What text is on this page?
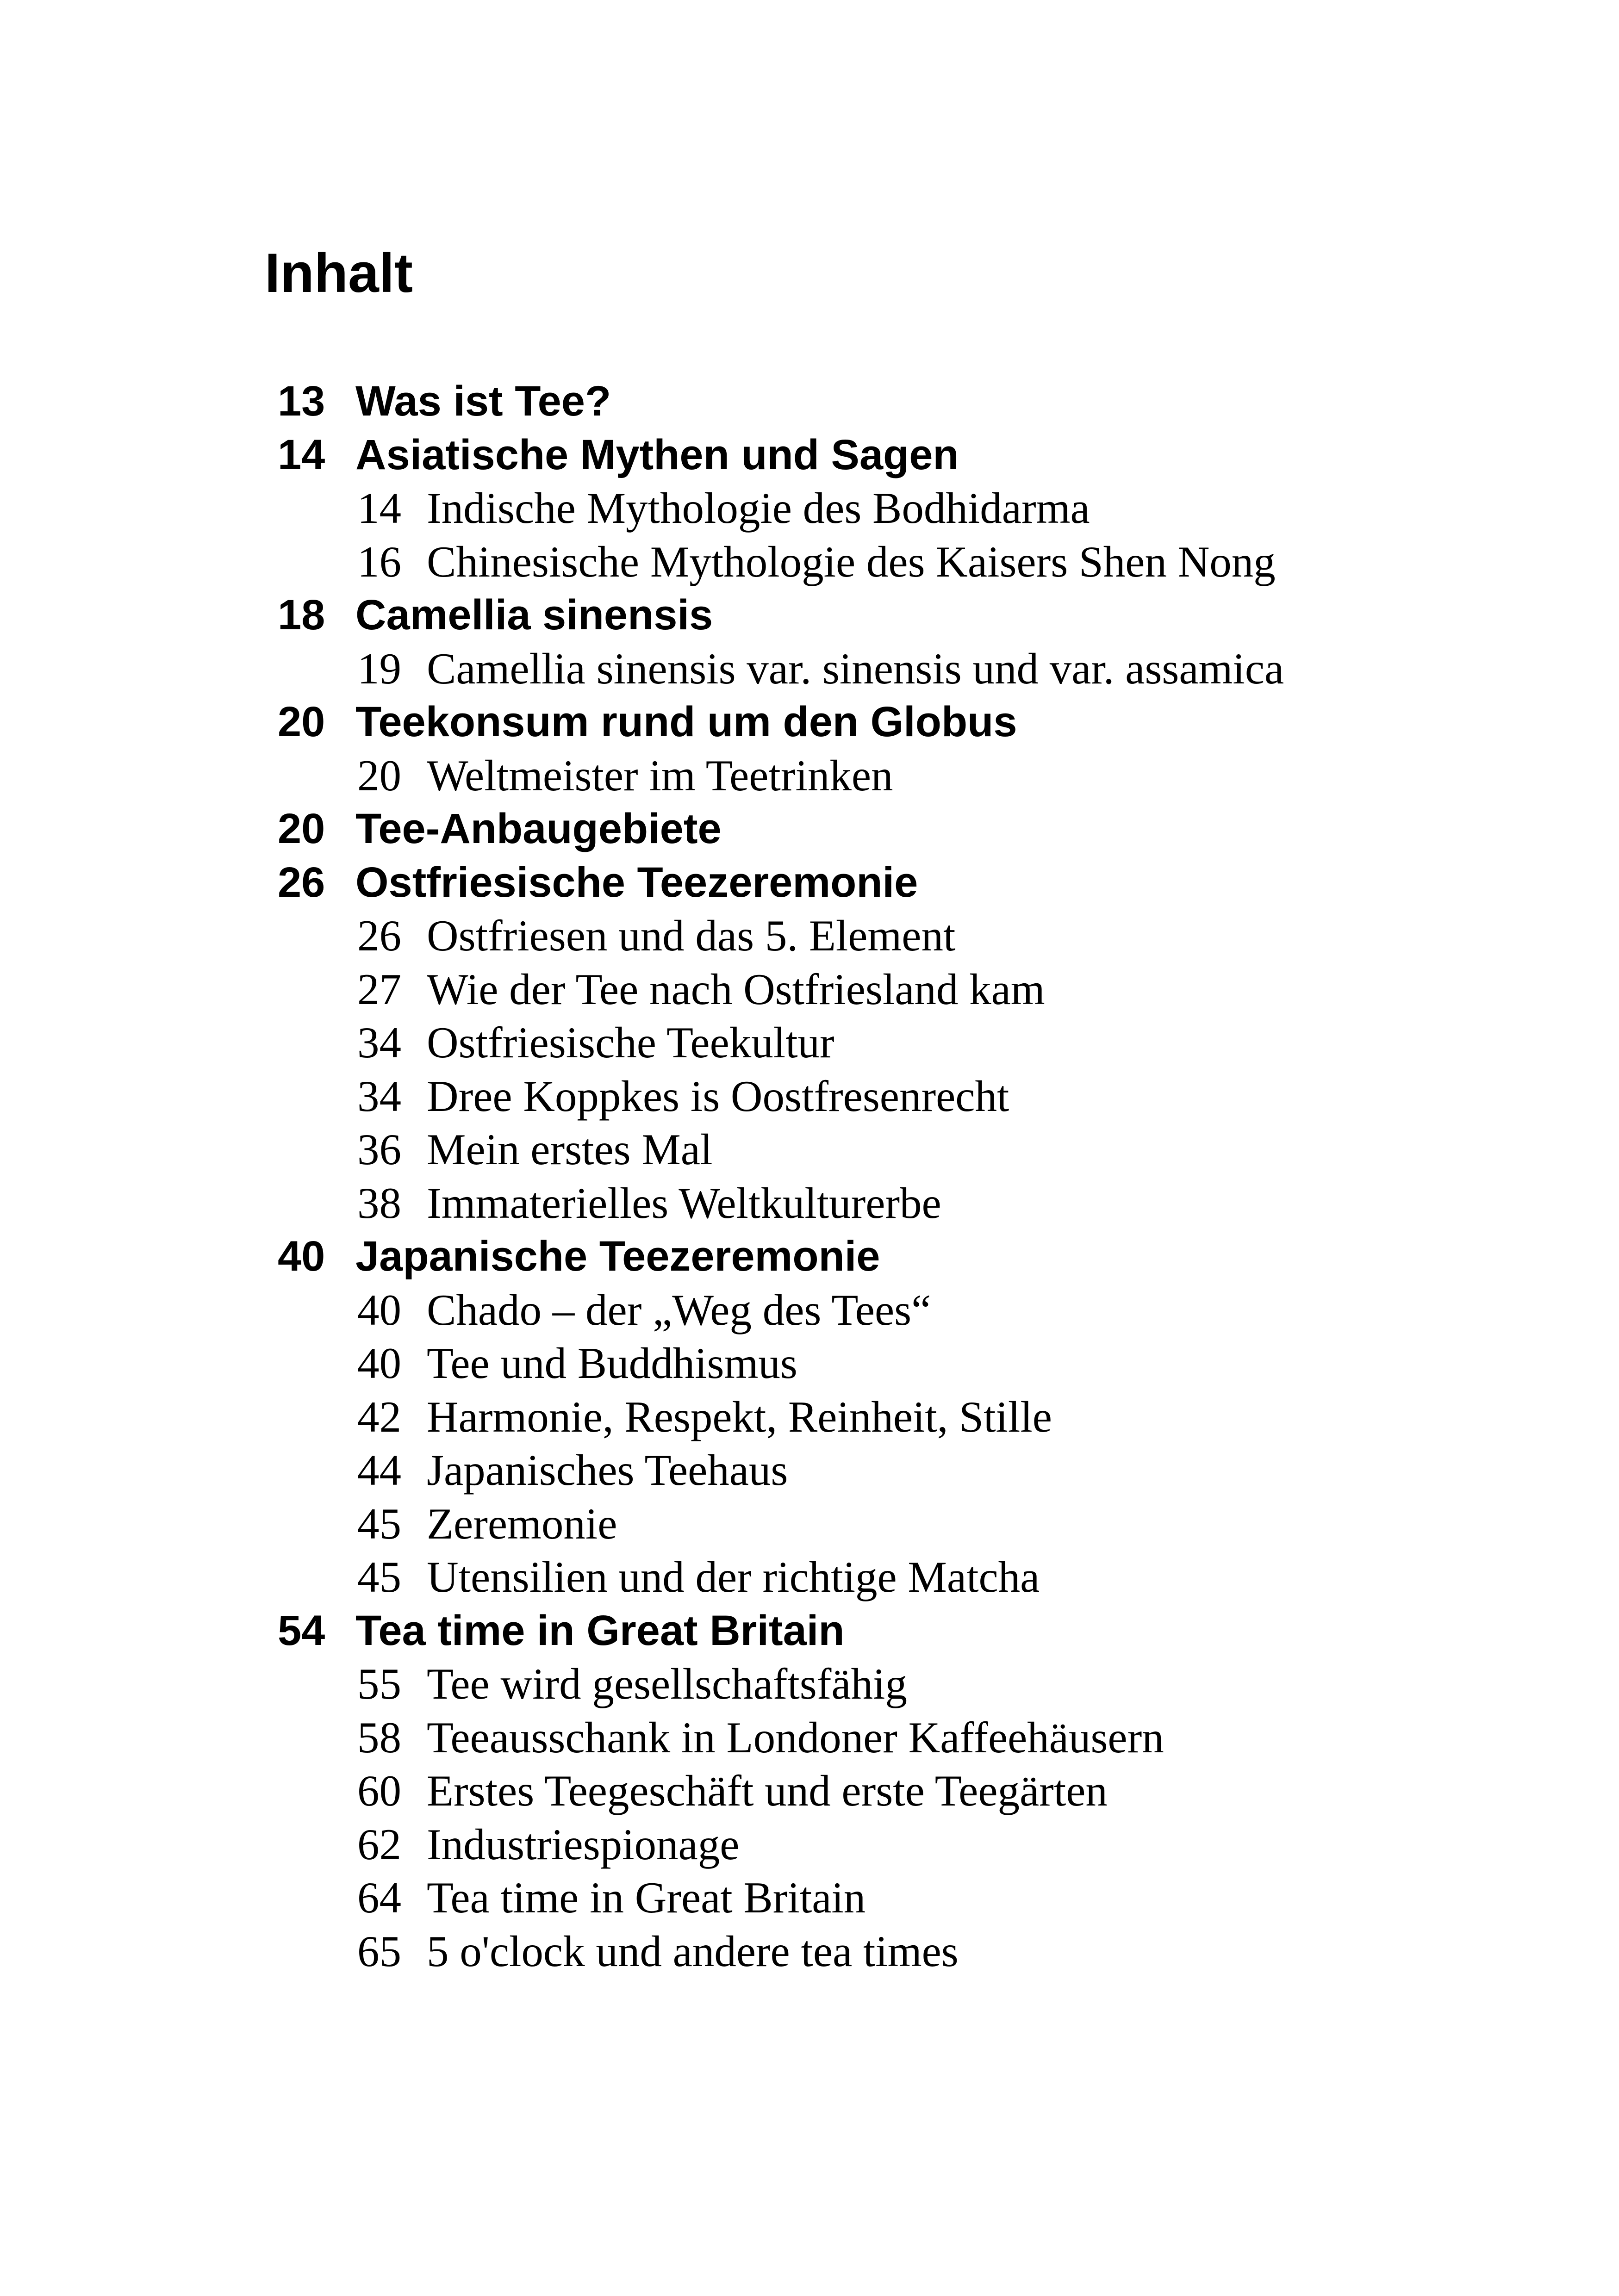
Inhalt
13 Was ist Tee?
14 Asiatische Mythen und Sagen
14 Indische Mythologie des Bodhidarma
16 Chinesische Mythologie des Kaisers Shen Nong
18 Camellia sinensis
19 Camellia sinensis var. sinensis und var. assamica
20 Teekonsum rund um den Globus
20 Weltmeister im Teetrinken
20 Tee-Anbaugebiete
26 Ostfriesische Teezeremonie
26 Ostfriesen und das 5. Element
27 Wie der Tee nach Ostfriesland kam
34 Ostfriesische Teekultur
34 Dree Koppkes is Oostfresenrecht
36 Mein erstes Mal
38 Immaterielles Weltkulturerbe
40 Japanische Teezeremonie
40 Chado – der „Weg des Tees“
40 Tee und Buddhismus
42 Harmonie, Respekt, Reinheit, Stille
44 Japanisches Teehaus
45 Zeremonie
45 Utensilien und der richtige Matcha
54 Tea time in Great Britain
55 Tee wird gesellschaftsfähig
58 Teeausschank in Londoner Kaffeehäusern
60 Erstes Teegeschäft und erste Teegärten
62 Industriespionage
64 Tea time in Great Britain
65 5 o'clock und andere tea times
